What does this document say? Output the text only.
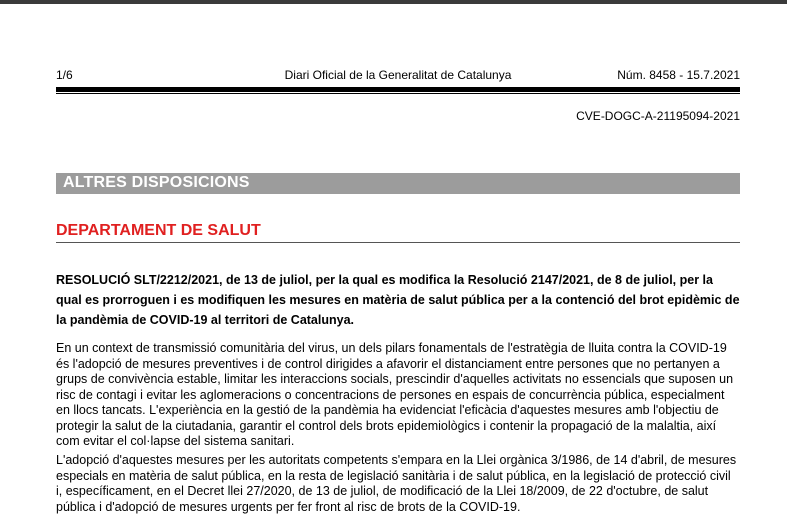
1/6	Diari Oficial de la Generalitat de Catalunya	Núm. 8458 - 15.7.2021
CVE-DOGC-A-21195094-2021
ALTRES DISPOSICIONS
DEPARTAMENT DE SALUT
RESOLUCIÓ SLT/2212/2021, de 13 de juliol, per la qual es modifica la Resolució 2147/2021, de 8 de juliol, per la qual es prorroguen i es modifiquen les mesures en matèria de salut pública per a la contenció del brot epidèmic de la pandèmia de COVID-19 al territori de Catalunya.
En un context de transmissió comunitària del virus, un dels pilars fonamentals de l'estratègia de lluita contra la COVID-19 és l'adopció de mesures preventives i de control dirigides a afavorir el distanciament entre persones que no pertanyen a grups de convivència estable, limitar les interaccions socials, prescindir d'aquelles activitats no essencials que suposen un risc de contagi i evitar les aglomeracions o concentracions de persones en espais de concurrència pública, especialment en llocs tancats. L'experiència en la gestió de la pandèmia ha evidenciat l'eficàcia d'aquestes mesures amb l'objectiu de protegir la salut de la ciutadania, garantir el control dels brots epidemiològics i contenir la propagació de la malaltia, així com evitar el col·lapse del sistema sanitari.
L'adopció d'aquestes mesures per les autoritats competents s'empara en la Llei orgànica 3/1986, de 14 d'abril, de mesures especials en matèria de salut pública, en la resta de legislació sanitària i de salut pública, en la legislació de protecció civil i, específicament, en el Decret llei 27/2020, de 13 de juliol, de modificació de la Llei 18/2009, de 22 d'octubre, de salut pública i d'adopció de mesures urgents per fer front al risc de brots de la COVID-19.
